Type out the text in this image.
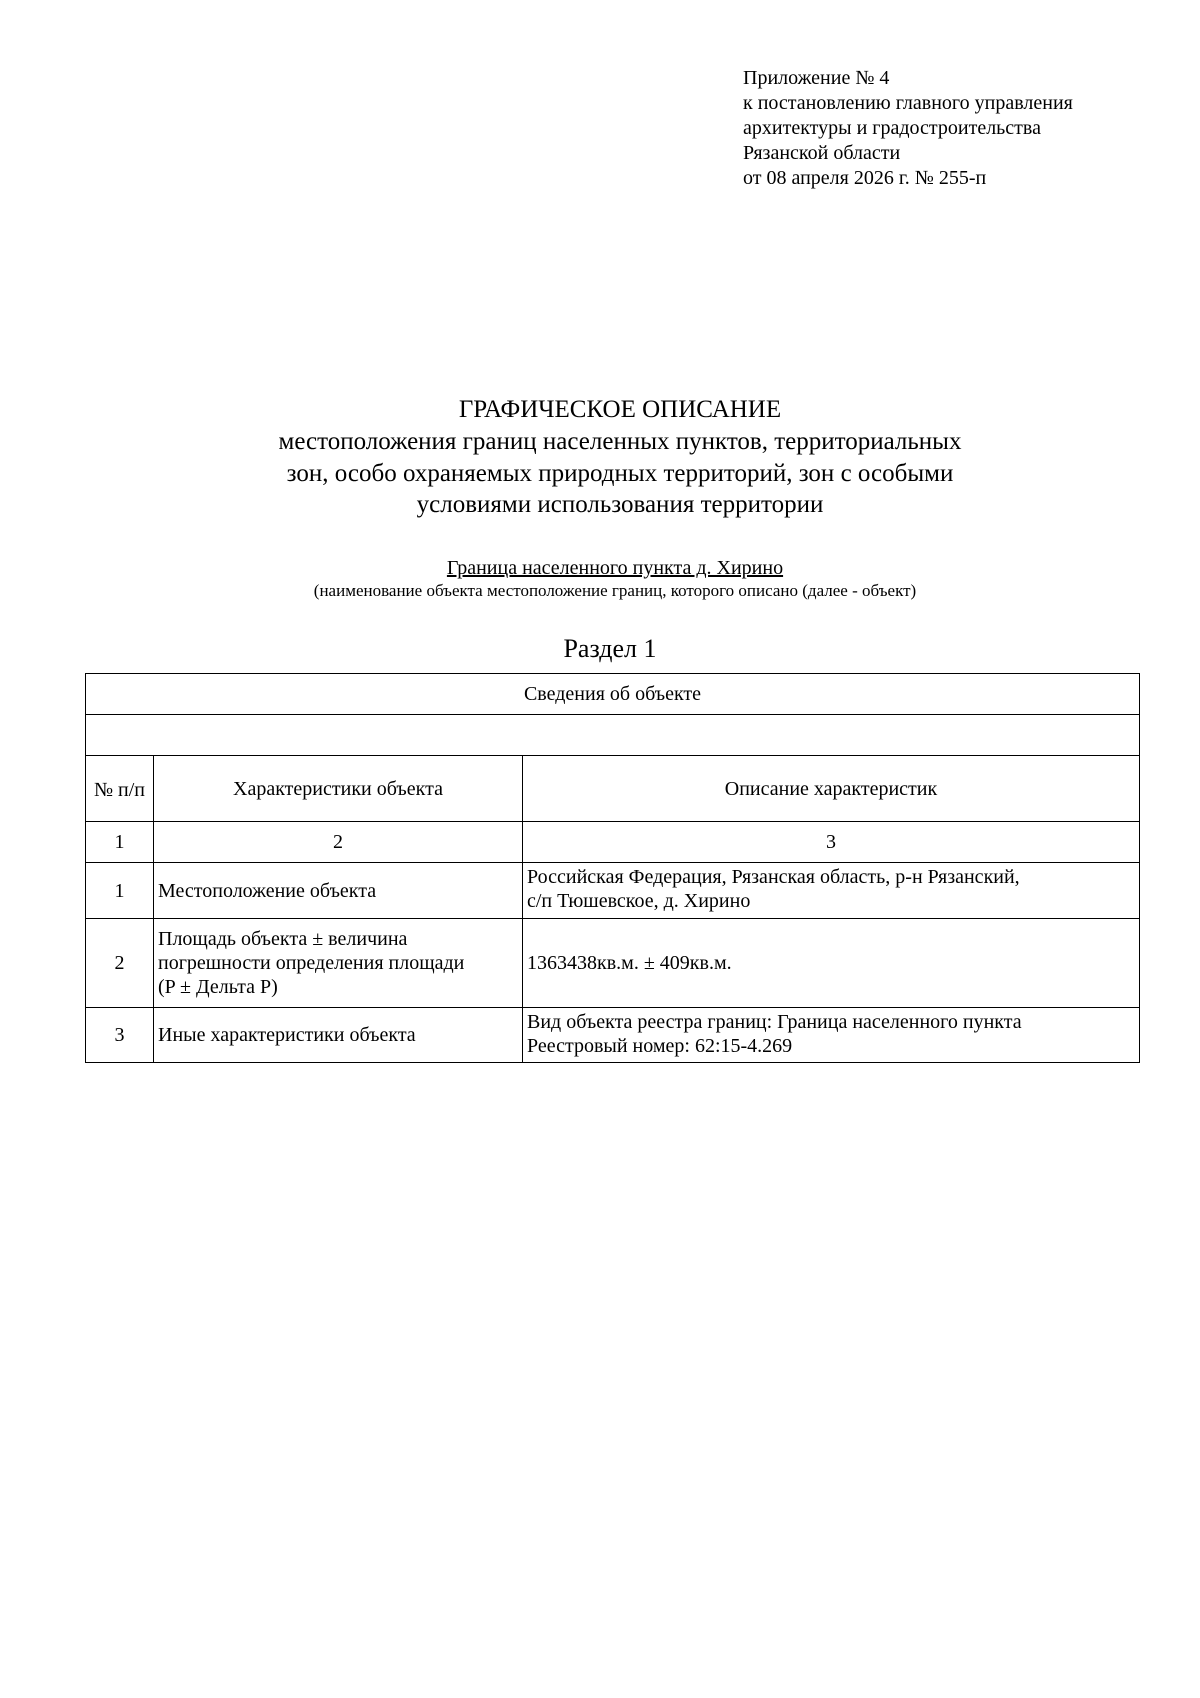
Приложение № 4
к постановлению главного управления
архитектуры и градостроительства
Рязанской области
от 08 апреля 2026 г. № 255-п
ГРАФИЧЕСКОЕ ОПИСАНИЕ
местоположения границ населенных пунктов, территориальных
зон, особо охраняемых природных территорий, зон с особыми
условиями использования территории
Граница населенного пункта д. Хирино
(наименование объекта местоположение границ, которого описано (далее - объект)
Раздел 1
Сведения об объекте		

№ п/п	Характеристики объекта	Описание характеристик
1	2	3
1	Местоположение объекта	Российская Федерация, Рязанская область, р-н Рязанский,
с/п Тюшевское, д. Хирино

2	Площадь объекта ± величина
погрешности определения площади
(P ± Дельта P)	1363438кв.м. ± 409кв.м.
3	Иные характеристики объекта	Вид объекта реестра границ: Граница населенного пункта
Реестровый номер: 62:15-4.269
